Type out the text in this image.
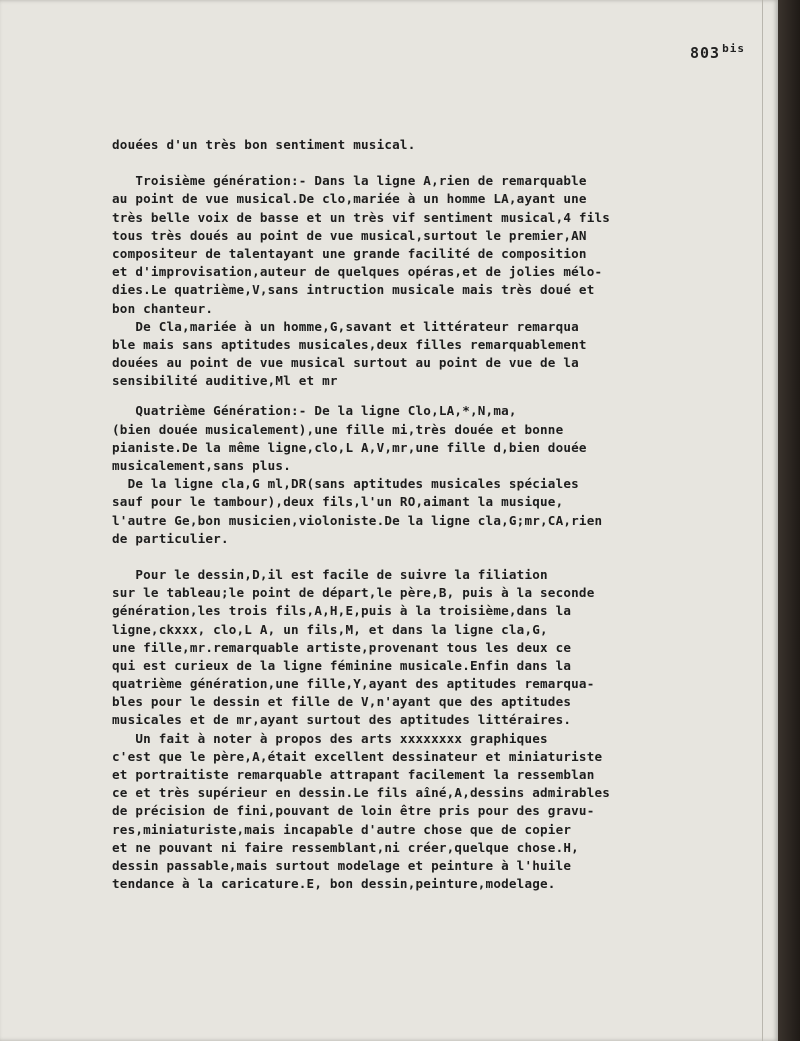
803 $^{bis}$
douées d'un très bon sentiment musical.
Troisième génération:- Dans la ligne A,rien de remarquable
au point de vue musical.De clo,mariée à un homme LA,ayant une
très belle voix de basse et un très vif sentiment musical,4 fils
tous très doués au point de vue musical,surtout le premier,AN
compositeur de talentayant une grande facilité de composition
et d'improvisation,auteur de quelques opéras,et de jolies mélo-
dies.Le quatrième,V,sans intruction musicale mais très doué et
bon chanteur.
De Cla,mariée à un homme,G,savant et littérateur remarqua
ble mais sans aptitudes musicales,deux filles remarquablement
douées au point de vue musical surtout au point de vue de la
sensibilité auditive,Ml et mr
Quatrième Génération:- De la ligne Clo,LA,*,N,ma,
(bien douée musicalement),une fille mi,très douée et bonne
pianiste.De la même ligne,clo,L A,V,mr,une fille d,bien douée
musicalement,sans plus.
De la ligne cla,G ml,DR(sans aptitudes musicales spéciales
sauf pour le tambour),deux fils,l'un RO,aimant la musique,
l'autre Ge,bon musicien,violoniste.De la ligne cla,G;mr,CA,rien
de particulier.
Pour le dessin,D,il est facile de suivre la filiation
sur le tableau;le point de départ,le père,B, puis à la seconde
génération,les trois fils,A,H,E,puis à la troisième,dans la
ligne,ckxxx, clo,L A, un fils,M, et dans la ligne cla,G,
une fille,mr.remarquable artiste,provenant tous les deux ce
qui est curieux de la ligne féminine musicale.Enfin dans la
quatrième génération,une fille,Y,ayant des aptitudes remarqua-
bles pour le dessin et fille de V,n'ayant que des aptitudes
musicales et de mr,ayant surtout des aptitudes littéraires.
Un fait à noter à propos des arts xxxxxxxx graphiques
c'est que le père,A,était excellent dessinateur et miniaturiste
et portraitiste remarquable attrapant facilement la ressemblan
ce et très supérieur en dessin.Le fils aîné,A,dessins admirables
de précision de fini,pouvant de loin être pris pour des gravu-
res,miniaturiste,mais incapable d'autre chose que de copier
et ne pouvant ni faire ressemblant,ni créer,quelque chose.H,
dessin passable,mais surtout modelage et peinture à l'huile
tendance à la caricature.E, bon dessin,peinture,modelage.
